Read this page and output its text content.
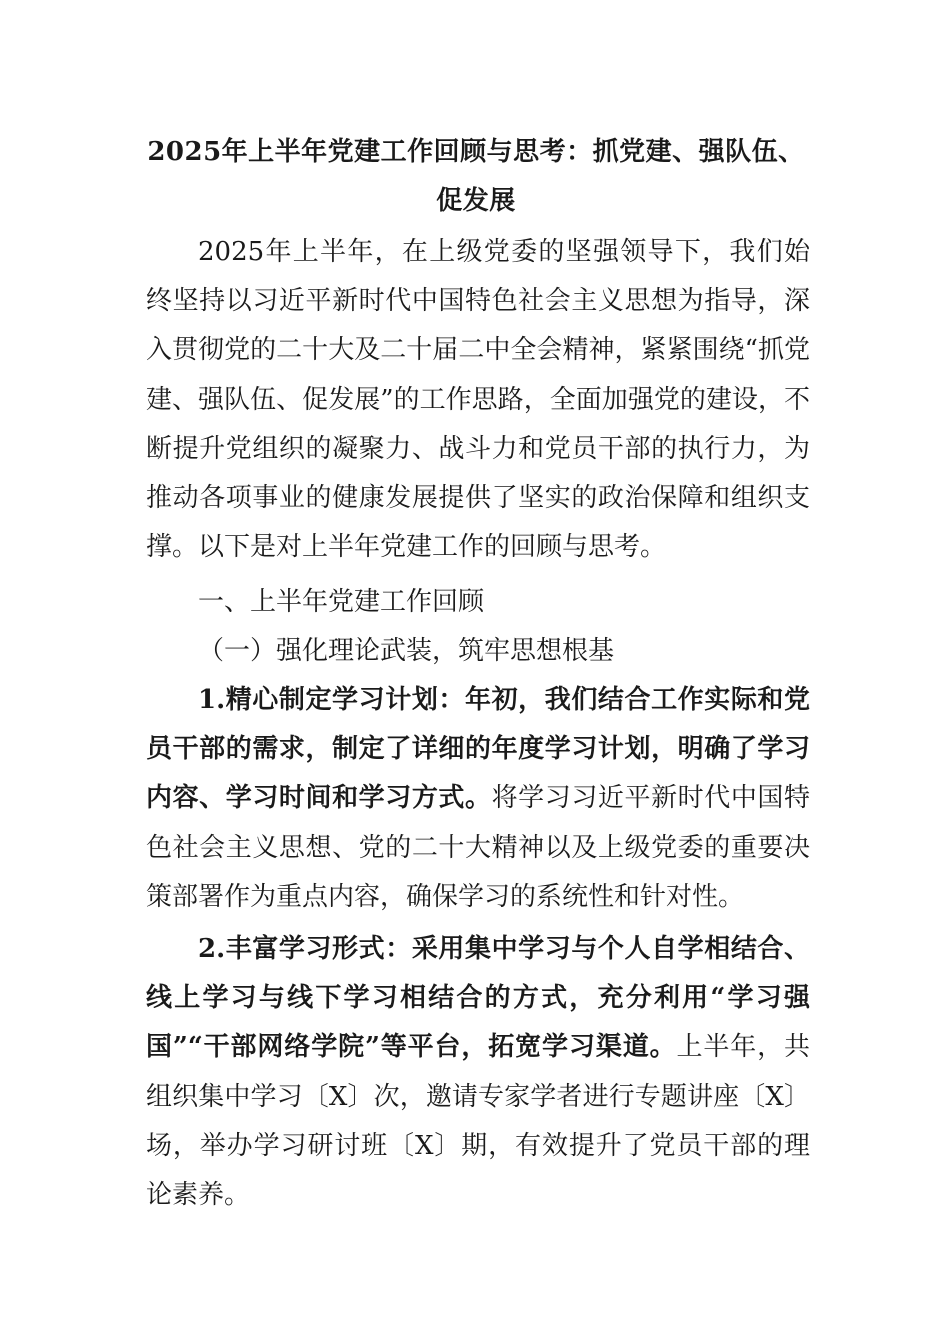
2025年上半年党建工作回顾与思考：抓党建、强队伍、促发展

2025年上半年，在上级党委的坚强领导下，我们始终坚持以习近平新时代中国特色社会主义思想为指导，深入贯彻党的二十大及二十届二中全会精神，紧紧围绕“抓党建、强队伍、促发展”的工作思路，全面加强党的建设，不断提升党组织的凝聚力、战斗力和党员干部的执行力，为推动各项事业的健康发展提供了坚实的政治保障和组织支撑。以下是对上半年党建工作的回顾与思考。

一、上半年党建工作回顾

（一）强化理论武装，筑牢思想根基

1.精心制定学习计划：年初，我们结合工作实际和党员干部的需求，制定了详细的年度学习计划，明确了学习内容、学习时间和学习方式。将学习习近平新时代中国特色社会主义思想、党的二十大精神以及上级党委的重要决策部署作为重点内容，确保学习的系统性和针对性。

2.丰富学习形式：采用集中学习与个人自学相结合、线上学习与线下学习相结合的方式，充分利用“学习强国”“干部网络学院”等平台，拓宽学习渠道。上半年，共组织集中学习〔X〕次，邀请专家学者进行专题讲座〔X〕场，举办学习研讨班〔X〕期，有效提升了党员干部的理论素养。
